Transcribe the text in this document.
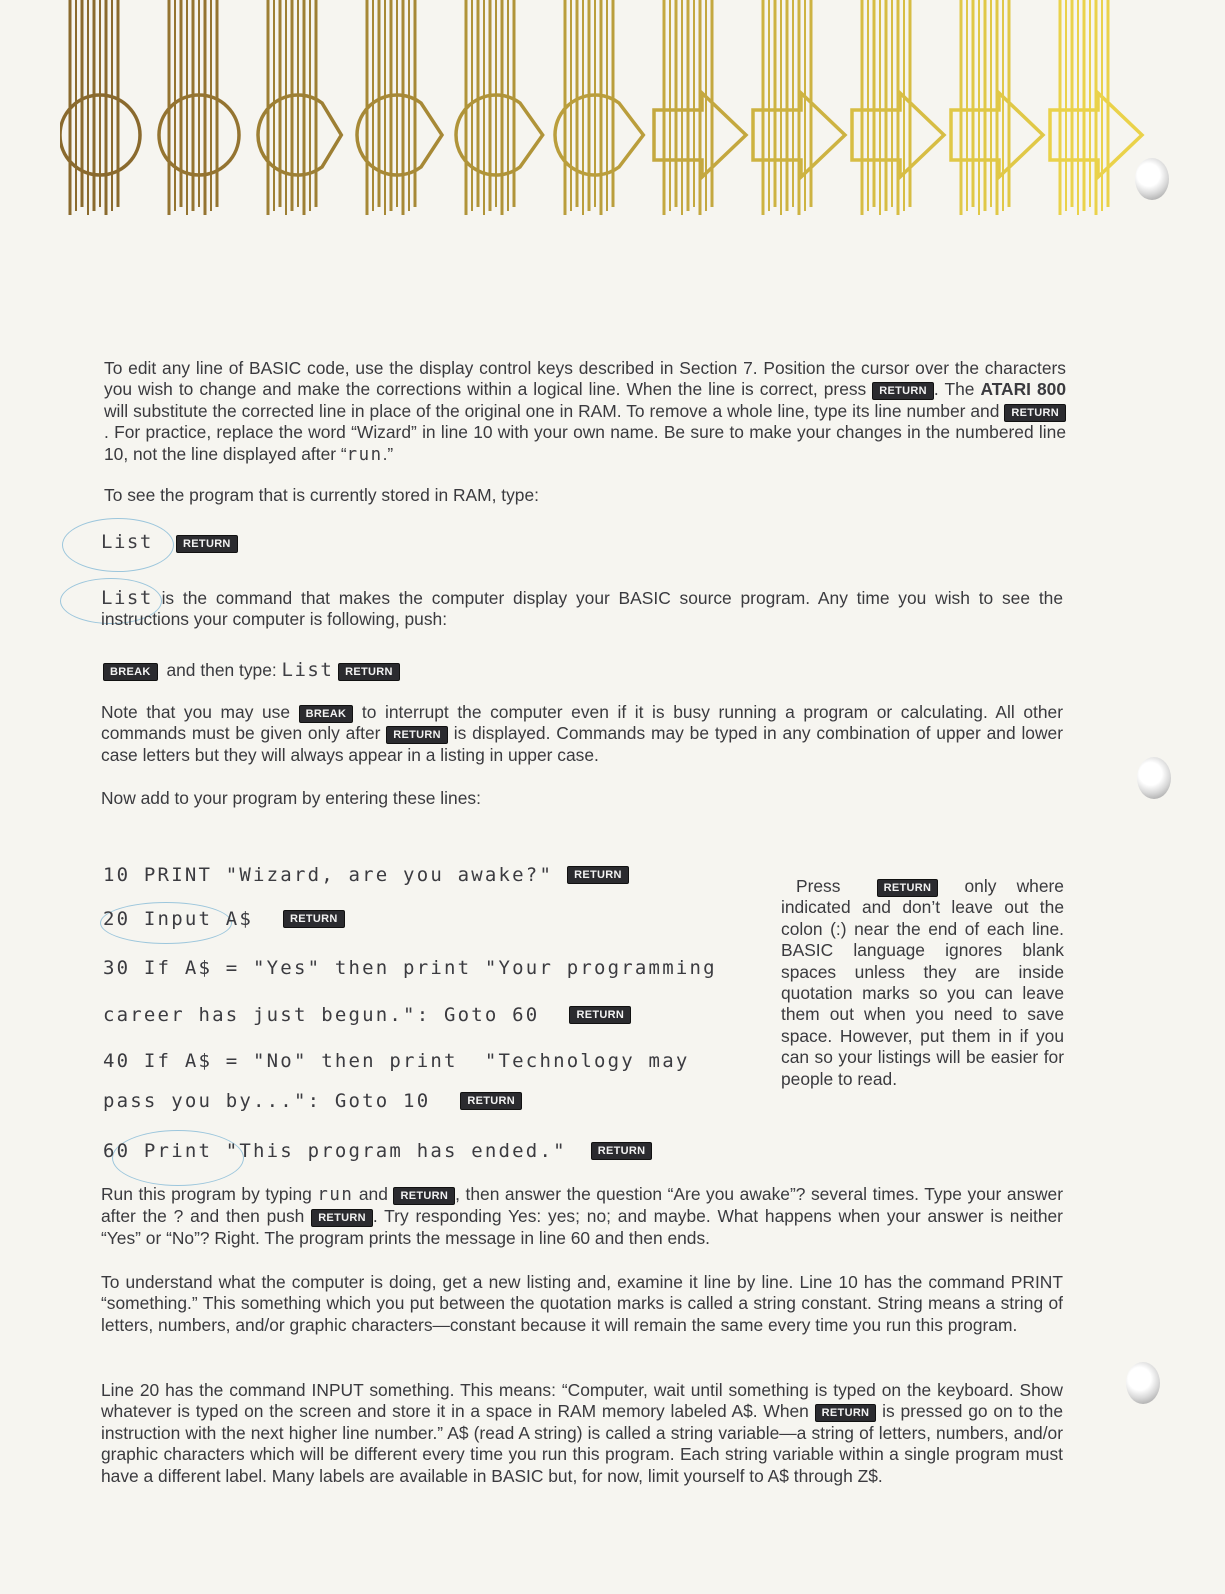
To edit any line of BASIC code, use the display control keys described in Section 7. Position the cursor over the characters you wish to change and make the corrections within a logical line. When the line is correct, press RETURN . The ATARI 800 will substitute the corrected line in place of the original one in RAM. To remove a whole line, type its line number and RETURN. For practice, replace the word “Wizard” in line 10 with your own name. Be sure to make your changes in the numbered line 10, not the line displayed after “run.”

To see the program that is currently stored in RAM, type:

List	RETURN

List is the command that makes the computer display your BASIC source program. Any time you wish to see the instructions your computer is following, push:

BREAK and then type: List RETURN

Note that you may use BREAK to interrupt the computer even if it is busy running a program or calculating. All other commands must be given only after RETURN is displayed. Commands may be typed in any combination of upper and lower case letters but they will always appear in a listing in upper case.

Now add to your program by entering these lines:

10 PRINT "Wizard, are you awake?" RETURN

20 Input A$	RETURN

30 If A$ = "Yes" then print "Your programming

career has just begun.": Goto 60	RETURN

40 If A$ = "No" then print  "Technology may

pass you by...": Goto 10	RETURN

60 Print "This program has ended."	RETURN

Press	RETURN only where indicated and don’t leave out the colon (:) near the end of each line. BASIC language ignores blank spaces unless they are inside quotation marks so you can leave them out when you need to save space. However, put them in if you can so your listings will be easier for people to read.

Run this program by typing run and RETURN , then answer the question “Are you awake”? several times. Type your answer after the ? and then push RETURN . Try responding Yes: yes; no; and maybe. What happens when your answer is neither “Yes” or “No”? Right. The program prints the message in line 60 and then ends.

To understand what the computer is doing, get a new listing and, examine it line by line. Line 10 has the command PRINT “something.” This something which you put between the quotation marks is called a string constant. String means a string of letters, numbers, and/or graphic characters—constant because it will remain the same every time you run this program.

Line 20 has the command INPUT something. This means: “Computer, wait until something is typed on the keyboard. Show whatever is typed on the screen and store it in a space in RAM memory labeled A$. When RETURN is pressed go on to the instruction with the next higher line number.” A$ (read A string) is called a string variable—a string of letters, numbers, and/or graphic characters which will be different every time you run this program. Each string variable within a single program must have a different label. Many labels are available in BASIC but, for now, limit yourself to A$ through Z$.
